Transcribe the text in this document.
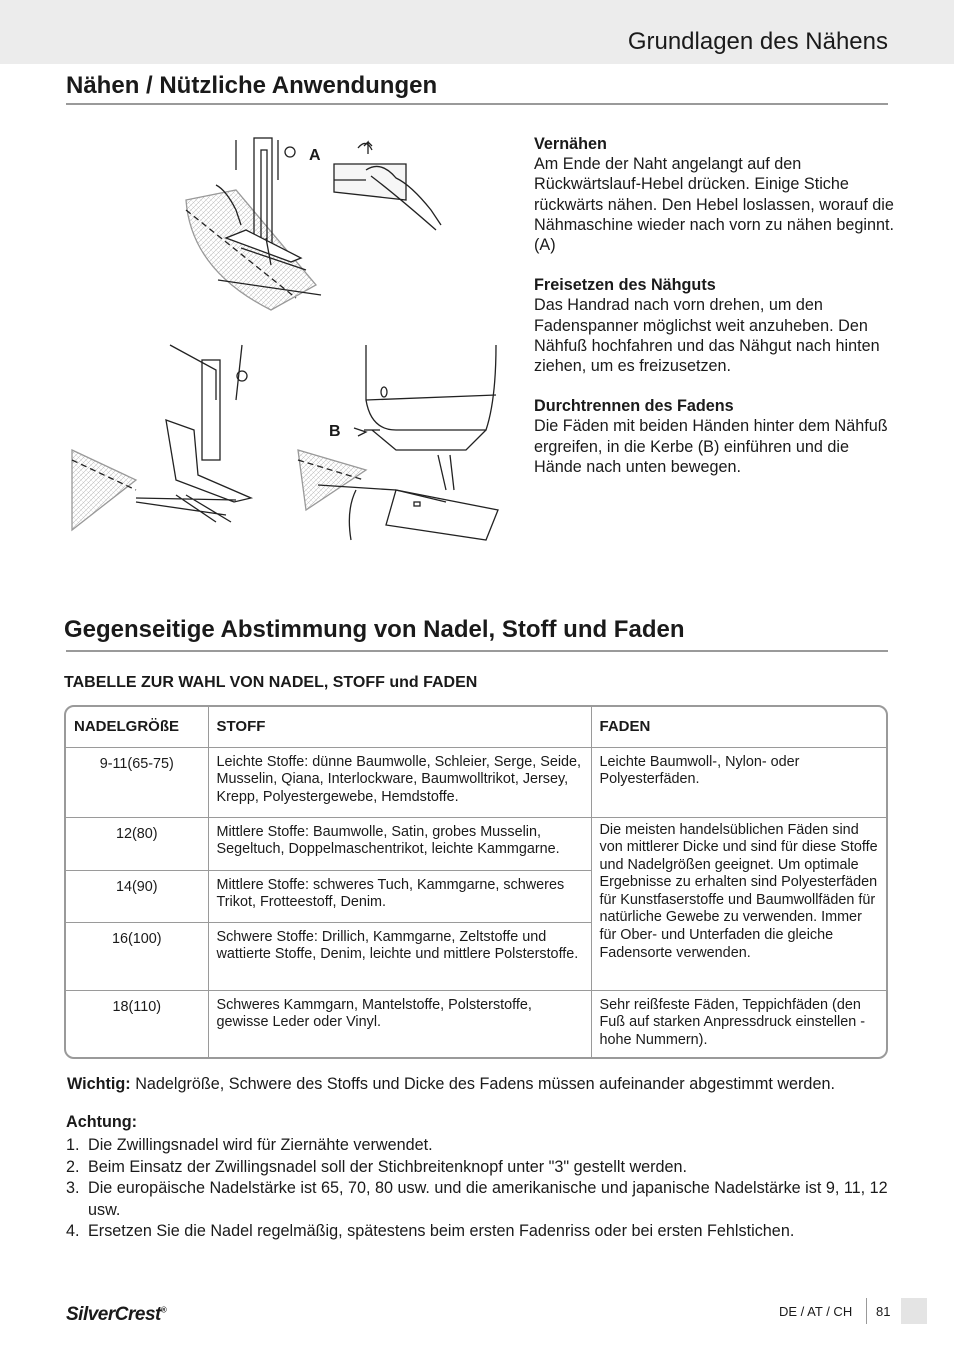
Grundlagen des Nähens
Nähen / Nützliche Anwendungen
A
B
Vernähen
Am Ende der Naht angelangt auf den Rückwärtslauf-Hebel drücken. Einige Stiche rückwärts nähen. Den Hebel loslassen, worauf die Nähmaschine wieder nach vorn zu nähen beginnt. (A)
Freisetzen des Nähguts
Das Handrad nach vorn drehen, um den Fadenspanner möglichst weit anzuheben. Den Nähfuß hochfahren und das Nähgut nach hinten ziehen, um es freizusetzen.
Durchtrennen des Fadens
Die Fäden mit beiden Händen hinter dem Nähfuß ergreifen, in die Kerbe (B) einführen und die Hände nach unten bewegen.
Gegenseitige Abstimmung von Nadel, Stoff und Faden
TABELLE ZUR WAHL VON NADEL, STOFF und FADEN
NADELGRÖßE	STOFF	FADEN
9-11(65-75)	Leichte Stoffe: dünne Baumwolle, Schleier, Serge, Seide, Musselin, Qiana, Interlockware, Baumwolltrikot, Jersey, Krepp, Polyestergewebe, Hemdstoffe.	Leichte Baumwoll-, Nylon- oder Polyesterfäden.
12(80)	Mittlere Stoffe: Baumwolle, Satin, grobes Musselin, Segeltuch, Doppelmaschentrikot, leichte Kammgarne.	Die meisten handelsüblichen Fäden sind von mittlerer Dicke und sind für diese Stoffe und Nadelgrößen geeignet. Um optimale Ergebnisse zu erhalten sind Polyesterfäden für Kunstfaserstoffe und Baumwollfäden für natürliche Gewebe zu verwenden. Immer für Ober- und Unterfaden die gleiche Fadensorte verwenden.
14(90)	Mittlere Stoffe: schweres Tuch, Kammgarne, schweres Trikot, Frotteestoff, Denim.	
16(100)	Schwere Stoffe: Drillich, Kammgarne, Zeltstoffe und wattierte Stoffe, Denim, leichte und mittlere Polsterstoffe.	
18(110)	Schweres Kammgarn, Mantelstoffe, Polsterstoffe, gewisse Leder oder Vinyl.	Sehr reißfeste Fäden, Teppichfäden (den Fuß auf starken Anpressdruck einstellen - hohe Nummern).
Wichtig: Nadelgröße, Schwere des Stoffs und Dicke des Fadens müssen aufeinander abgestimmt werden.
Achtung:
1. Die Zwillingsnadel wird für Ziernähte verwendet.
2. Beim Einsatz der Zwillingsnadel soll der Stichbreitenknopf unter "3" gestellt werden.
3. Die europäische Nadelstärke ist 65, 70, 80 usw. und die amerikanische und japanische Nadelstärke ist 9, 11, 12 usw.
4. Ersetzen Sie die Nadel regelmäßig, spätestens beim ersten Fadenriss oder bei ersten Fehlstichen.
SilverCrest®	DE / AT / CH 81
